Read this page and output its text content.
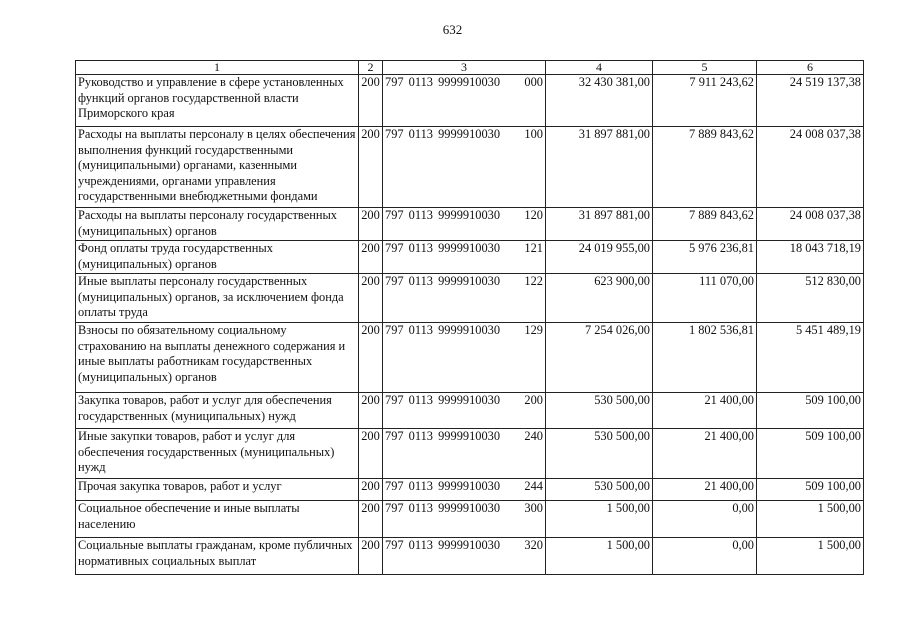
632
1	2	3	4	5	6
Руководство и управление в сфере установленных функций органов государственной власти Приморского края	200	797 0113 9999910030 000	32 430 381,00	7 911 243,62	24 519 137,38
Расходы на выплаты персоналу в целях обеспечения выполнения функций государственными (муниципальными) органами, казенными учреждениями, органами управления государственными внебюджетными фондами	200	797 0113 9999910030 100	31 897 881,00	7 889 843,62	24 008 037,38
Расходы на выплаты персоналу государственных (муниципальных) органов	200	797 0113 9999910030 120	31 897 881,00	7 889 843,62	24 008 037,38
Фонд оплаты труда государственных (муниципальных) органов	200	797 0113 9999910030 121	24 019 955,00	5 976 236,81	18 043 718,19
Иные выплаты персоналу государственных (муниципальных) органов, за исключением фонда оплаты труда	200	797 0113 9999910030 122	623 900,00	111 070,00	512 830,00
Взносы по обязательному социальному страхованию на выплаты денежного содержания и иные выплаты работникам государственных (муниципальных) органов	200	797 0113 9999910030 129	7 254 026,00	1 802 536,81	5 451 489,19
Закупка товаров, работ и услуг для обеспечения государственных (муниципальных) нужд	200	797 0113 9999910030 200	530 500,00	21 400,00	509 100,00
Иные закупки товаров, работ и услуг для обеспечения государственных (муниципальных) нужд	200	797 0113 9999910030 240	530 500,00	21 400,00	509 100,00
Прочая закупка товаров, работ и услуг	200	797 0113 9999910030 244	530 500,00	21 400,00	509 100,00
Социальное обеспечение и иные выплаты населению	200	797 0113 9999910030 300	1 500,00	0,00	1 500,00
Социальные выплаты гражданам, кроме публичных нормативных социальных выплат	200	797 0113 9999910030 320	1 500,00	0,00	1 500,00
